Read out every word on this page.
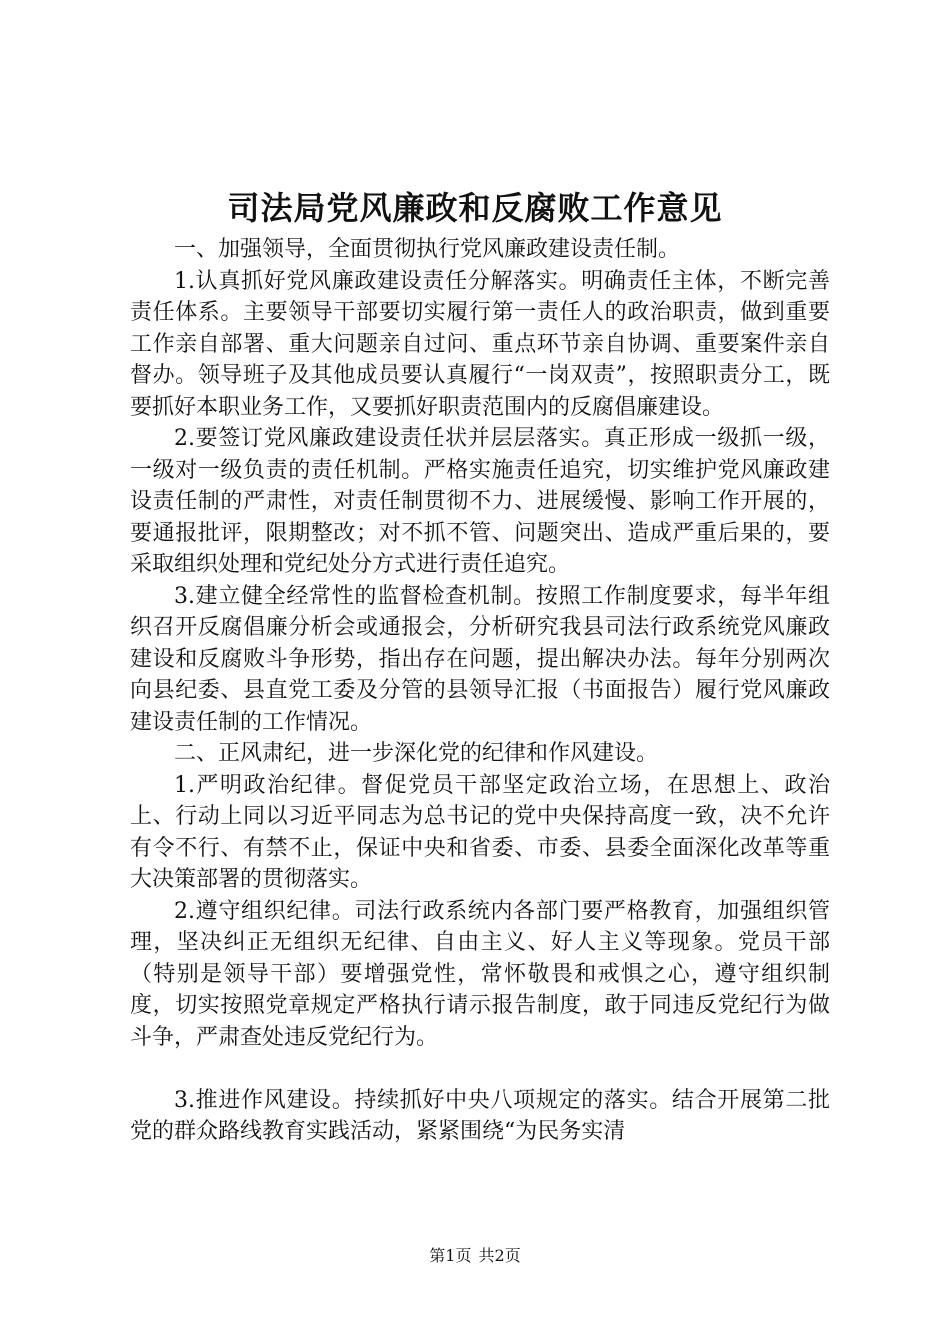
司法局党风廉政和反腐败工作意见

一、加强领导，全面贯彻执行党风廉政建设责任制。

1.认真抓好党风廉政建设责任分解落实。明确责任主体，不断完善责任体系。主要领导干部要切实履行第一责任人的政治职责，做到重要工作亲自部署、重大问题亲自过问、重点环节亲自协调、重要案件亲自督办。领导班子及其他成员要认真履行“一岗双责”，按照职责分工，既要抓好本职业务工作，又要抓好职责范围内的反腐倡廉建设。

2.要签订党风廉政建设责任状并层层落实。真正形成一级抓一级，一级对一级负责的责任机制。严格实施责任追究，切实维护党风廉政建设责任制的严肃性，对责任制贯彻不力、进展缓慢、影响工作开展的，要通报批评，限期整改；对不抓不管、问题突出、造成严重后果的，要采取组织处理和党纪处分方式进行责任追究。

3.建立健全经常性的监督检查机制。按照工作制度要求，每半年组织召开反腐倡廉分析会或通报会，分析研究我县司法行政系统党风廉政建设和反腐败斗争形势，指出存在问题，提出解决办法。每年分别两次向县纪委、县直党工委及分管的县领导汇报（书面报告）履行党风廉政建设责任制的工作情况。

二、正风肃纪，进一步深化党的纪律和作风建设。

1.严明政治纪律。督促党员干部坚定政治立场，在思想上、政治上、行动上同以习近平同志为总书记的党中央保持高度一致，决不允许有令不行、有禁不止，保证中央和省委、市委、县委全面深化改革等重大决策部署的贯彻落实。

2.遵守组织纪律。司法行政系统内各部门要严格教育，加强组织管理，坚决纠正无组织无纪律、自由主义、好人主义等现象。党员干部（特别是领导干部）要增强党性，常怀敬畏和戒惧之心，遵守组织制度，切实按照党章规定严格执行请示报告制度，敢于同违反党纪行为做斗争，严肃查处违反党纪行为。

3.推进作风建设。持续抓好中央八项规定的落实。结合开展第二批党的群众路线教育实践活动，紧紧围绕“为民务实清

第1页 共2页
